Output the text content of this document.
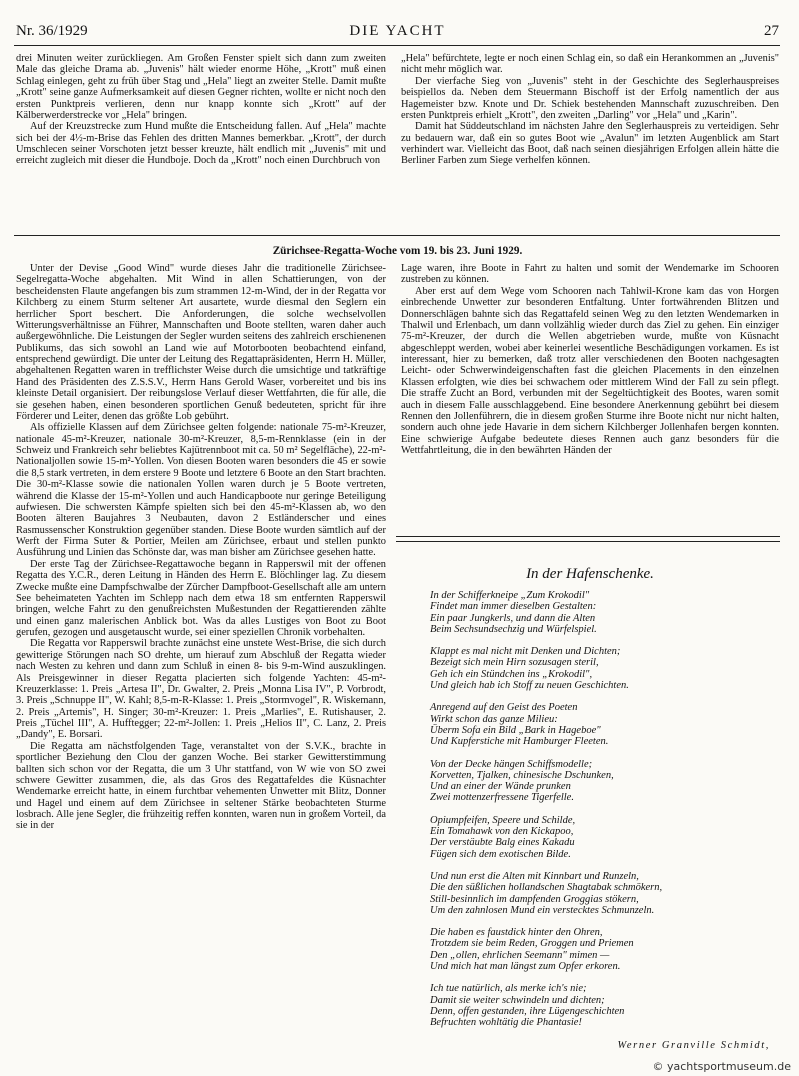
Nr. 36/1929	DIE YACHT	27

drei Minuten weiter zurückliegen. Am Großen Fenster spielt sich dann zum zweiten Male das gleiche Drama ab. „Juvenis" hält wieder enorme Höhe, „Krott" muß einen Schlag einlegen, geht zu früh über Stag und „Hela" liegt an zweiter Stelle. Damit mußte „Krott" seine ganze Aufmerksamkeit auf diesen Gegner richten, wollte er nicht noch den ersten Punktpreis verlieren, denn nur knapp konnte sich „Krott" auf der Kälberwerderstrecke vor „Hela" bringen.

Auf der Kreuzstrecke zum Hund mußte die Entscheidung fallen. Auf „Hela" machte sich bei der 4½-m-Brise das Fehlen des dritten Mannes bemerkbar. „Krott", der durch Umschlecen seiner Vorschoten jetzt besser kreuzte, hält endlich mit „Juvenis" mit und erreicht zugleich mit dieser die Hundboje. Doch da „Krott" noch einen Durchbruch von

„Hela" befürchtete, legte er noch einen Schlag ein, so daß ein Herankommen an „Juvenis" nicht mehr möglich war.

Der vierfache Sieg von „Juvenis" steht in der Geschichte des Seglerhauspreises beispiellos da. Neben dem Steuermann Bischoff ist der Erfolg namentlich der aus Hagemeister bzw. Knote und Dr. Schiek bestehenden Mannschaft zuzuschreiben. Den ersten Punktpreis erhielt „Krott", den zweiten „Darling" vor „Hela" und „Karin".

Damit hat Süddeutschland im nächsten Jahre den Seglerhauspreis zu verteidigen. Sehr zu bedauern war, daß ein so gutes Boot wie „Avalun" im letzten Augenblick am Start verhindert war. Vielleicht das Boot, daß nach seinen diesjährigen Erfolgen allein hätte die Berliner Farben zum Siege verhelfen können.

Zürichsee-Regatta-Woche vom 19. bis 23. Juni 1929.

Unter der Devise „Good Wind" wurde dieses Jahr die traditionelle Zürichsee-Segelregatta-Woche abgehalten. Mit Wind in allen Schattierungen, von der bescheidensten Flaute angefangen bis zum strammen 12-m-Wind, der in der Regatta vor Kilchberg zu einem Sturm seltener Art ausartete, wurde diesmal den Seglern ein herrlicher Sport beschert. Die Anforderungen, die solche wechselvollen Witterungsverhältnisse an Führer, Mannschaften und Boote stellten, waren daher auch außergewöhnliche. Die Leistungen der Segler wurden seitens des zahlreich erschienenen Publikums, das sich sowohl an Land wie auf Motorbooten beobachtend einfand, entsprechend gewürdigt. Die unter der Leitung des Regattapräsidenten, Herrn H. Müller, abgehaltenen Regatten waren in trefflichster Weise durch die umsichtige und tatkräftige Hand des Präsidenten des Z.S.S.V., Herrn Hans Gerold Waser, vorbereitet und bis ins kleinste Detail organisiert. Der reibungslose Verlauf dieser Wettfahrten, die für alle, die sie gesehen haben, einen besonderen sportlichen Genuß bedeuteten, spricht für ihre Förderer und Leiter, denen das größte Lob gebührt.

Als offizielle Klassen auf dem Zürichsee gelten folgende: nationale 75-m²-Kreuzer, nationale 45-m²-Kreuzer, nationale 30-m²-Kreuzer, 8,5-m-Rennklasse (ein in der Schweiz und Frankreich sehr beliebtes Kajütrennboot mit ca. 50 m² Segelfläche), 22-m²-Nationaljollen sowie 15-m²-Yollen. Von diesen Booten waren besonders die 45 er sowie die 8,5 stark vertreten, in dem erstere 9 Boote und letztere 6 Boote an den Start brachten. Die 30-m²-Klasse sowie die nationalen Yollen waren durch je 5 Boote vertreten, während die Klasse der 15-m²-Yollen und auch Handicapboote nur geringe Beteiligung aufwiesen. Die schwersten Kämpfe spielten sich bei den 45-m²-Klassen ab, wo den Booten älteren Baujahres 3 Neubauten, davon 2 Estländerscher und eines Rasmussenscher Konstruktion gegenüber standen. Diese Boote wurden sämtlich auf der Werft der Firma Suter & Portier, Meilen am Zürichsee, erbaut und stellen punkto Ausführung und Linien das Schönste dar, was man bisher am Zürichsee gesehen hatte.

Der erste Tag der Zürichsee-Regattawoche begann in Rapperswil mit der offenen Regatta des Y.C.R., deren Leitung in Händen des Herrn E. Blöchlinger lag. Zu diesem Zwecke mußte eine Dampfschwalbe der Zürcher Dampfboot-Gesellschaft alle am untern See beheimateten Yachten im Schlepp nach dem etwa 18 sm entfernten Rapperswil bringen, welche Fahrt zu den genußreichsten Mußestunden der Regattierenden zählte und einen ganz malerischen Anblick bot. Was da alles Lustiges von Boot zu Boot gerufen, gezogen und ausgetauscht wurde, sei einer speziellen Chronik vorbehalten.

Die Regatta vor Rapperswil brachte zunächst eine unstete West-Brise, die sich durch gewitterige Störungen nach SO drehte, um hierauf zum Abschluß der Regatta wieder nach Westen zu kehren und dann zum Schluß in einen 8- bis 9-m-Wind auszuklingen. Als Preisgewinner in dieser Regatta placierten sich folgende Yachten: 45-m²-Kreuzerklasse: 1. Preis „Artesa II", Dr. Gwalter, 2. Preis „Monna Lisa IV", P. Vorbrodt, 3. Preis „Schnuppe II", W. Kahl; 8,5-m-R-Klasse: 1. Preis „Stormvogel", R. Wiskemann, 2. Preis „Artemis", H. Singer; 30-m²-Kreuzer: 1. Preis „Marlies", E. Rutishauser, 2. Preis „Tüchel III", A. Hufftegger; 22-m²-Jollen: 1. Preis „Helios II", C. Lanz, 2. Preis „Dandy", E. Borsari.

Die Regatta am nächstfolgenden Tage, veranstaltet von der S.V.K., brachte in sportlicher Beziehung den Clou der ganzen Woche. Bei starker Gewitterstimmung ballten sich schon vor der Regatta, die um 3 Uhr stattfand, von W wie von SO zwei schwere Gewitter zusammen, die, als das Gros des Regattafeldes die Küsnachter Wendemarke erreicht hatte, in einem furchtbar vehementen Unwetter mit Blitz, Donner und Hagel und einem auf dem Zürichsee in seltener Stärke beobachteten Sturme losbrach. Alle jene Segler, die frühzeitig reffen konnten, waren nun in großem Vorteil, da sie in der

Lage waren, ihre Boote in Fahrt zu halten und somit der Wendemarke im Schooren zustreben zu können.

Aber erst auf dem Wege vom Schooren nach Tahlwil-Krone kam das von Horgen einbrechende Unwetter zur besonderen Entfaltung. Unter fortwährenden Blitzen und Donnerschlägen bahnte sich das Regattafeld seinen Weg zu den letzten Wendemarken in Thalwil und Erlenbach, um dann vollzählig wieder durch das Ziel zu gehen. Ein einziger 75-m²-Kreuzer, der durch die Wellen abgetrieben wurde, mußte von Küsnacht abgeschleppt werden, wobei aber keinerlei wesentliche Beschädigungen vorkamen. Es ist interessant, hier zu bemerken, daß trotz aller verschiedenen den Booten nachgesagten Leicht- oder Schwerwindeigenschaften fast die gleichen Placements in den einzelnen Klassen erfolgten, wie dies bei schwachem oder mittlerem Wind der Fall zu sein pflegt. Die straffe Zucht an Bord, verbunden mit der Segeltüchtigkeit des Bootes, waren somit auch in diesem Falle ausschlaggebend. Eine besondere Anerkennung gebührt bei diesem Rennen den Jollenführern, die in diesem großen Sturme ihre Boote nicht nur nicht halten, sondern auch ohne jede Havarie in dem sichern Kilchberger Jollenhafen bergen konnten. Eine schwierige Aufgabe bedeutete dieses Rennen auch ganz besonders für die Wettfahrtleitung, die in den bewährten Händen der

In der Hafenschenke.
In der Schifferkneipe „Zum Krokodil"
Findet man immer dieselben Gestalten:
Ein paar Jungkerls, und dann die Alten
Beim Sechsundsechzig und Würfelspiel.
Klappt es mal nicht mit Denken und Dichten;
Bezeigt sich mein Hirn sozusagen steril,
Geh ich ein Stündchen ins „Krokodil",
Und gleich hab ich Stoff zu neuen Geschichten.
Anregend auf den Geist des Poeten
Wirkt schon das ganze Milieu:
Überm Sofa ein Bild „Bark in Hageboe"
Und Kupferstiche mit Hamburger Fleeten.
Von der Decke hängen Schiffsmodelle;
Korvetten, Tjalken, chinesische Dschunken,
Und an einer der Wände prunken
Zwei mottenzerfressene Tigerfelle.
Opiumpfeifen, Speere und Schilde,
Ein Tomahawk von den Kickapoo,
Der verstäubte Balg eines Kakadu
Fügen sich dem exotischen Bilde.
Und nun erst die Alten mit Kinnbart und Runzeln,
Die den süßlichen hollandschen Shagtabak schmökern,
Still-besinnlich im dampfenden Groggias stökern,
Um den zahnlosen Mund ein verstecktes Schmunzeln.
Die haben es faustdick hinter den Ohren,
Trotzdem sie beim Reden, Groggen und Priemen
Den „ollen, ehrlichen Seemann" mimen —
Und mich hat man längst zum Opfer erkoren.
Ich tue natürlich, als merke ich's nie;
Damit sie weiter schwindeln und dichten;
Denn, offen gestanden, ihre Lügengeschichten
Befruchten wohltätig die Phantasie!
Werner Granville Schmidt,
© yachtsportmuseum.de
